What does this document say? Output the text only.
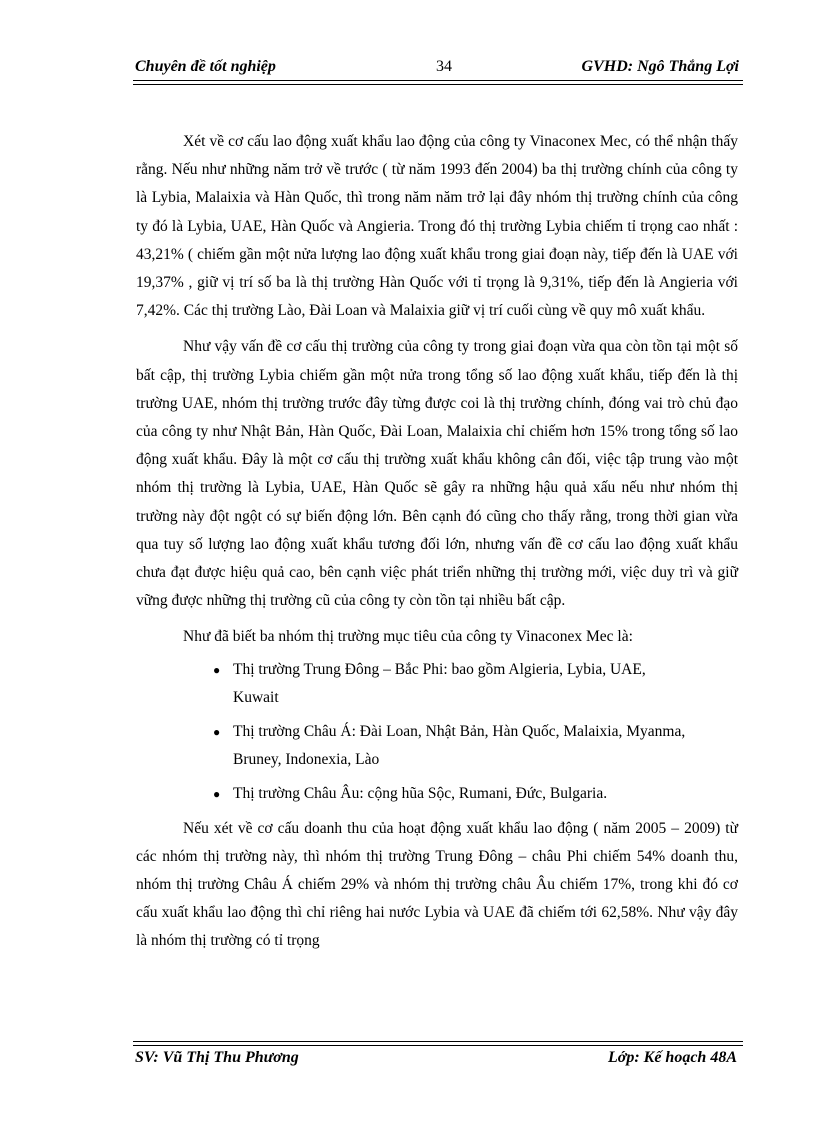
Chuyên đề tốt nghiệp	34	GVHD: Ngô Thắng Lợi

Xét về cơ cấu lao động xuất khẩu lao động của công ty Vinaconex Mec, có thể nhận thấy rằng. Nếu như những năm trở về trước ( từ năm 1993 đến 2004) ba thị trường chính của công ty là Lybia, Malaixia và Hàn Quốc, thì trong năm năm trở lại đây nhóm thị trường chính của công ty đó là Lybia, UAE, Hàn Quốc và Angieria. Trong đó thị trường Lybia chiếm tỉ trọng cao nhất : 43,21% ( chiếm gần một nửa lượng lao động xuất khẩu trong giai đoạn này, tiếp đến là UAE với 19,37% , giữ vị trí số ba là thị trường Hàn Quốc với tỉ trọng là 9,31%, tiếp đến là Angieria với 7,42%. Các thị trường Lào, Đài Loan và Malaixia giữ vị trí cuối cùng về quy mô xuất khẩu.

Như vậy vấn đề cơ cấu thị trường của công ty trong giai đoạn vừa qua còn tồn tại một số bất cập, thị trường Lybia chiếm gần một nửa trong tổng số lao động xuất khẩu, tiếp đến là thị trường UAE, nhóm thị trường trước đây từng được coi là thị trường chính, đóng vai trò chủ đạo của công ty như Nhật Bản, Hàn Quốc, Đài Loan, Malaixia chỉ chiếm hơn 15% trong tổng số lao động xuất khẩu. Đây là một cơ cấu thị trường xuất khẩu không cân đối, việc tập trung vào một nhóm thị trường là Lybia, UAE, Hàn Quốc sẽ gây ra những hậu quả xấu nếu như nhóm thị trường này đột ngột có sự biến động lớn. Bên cạnh đó cũng cho thấy rằng, trong thời gian vừa qua tuy số lượng lao động xuất khẩu tương đối lớn, nhưng vấn đề cơ cấu lao động xuất khẩu chưa đạt được hiệu quả cao, bên cạnh việc phát triển những thị trường mới, việc duy trì và giữ vững được những thị trường cũ của công ty còn tồn tại nhiều bất cập.

Như đã biết ba nhóm thị trường mục tiêu của công ty Vinaconex Mec là:

● Thị trường Trung Đông – Bắc Phi: bao gồm Algieria, Lybia, UAE, Kuwait
● Thị trường Châu Á: Đài Loan, Nhật Bản, Hàn Quốc, Malaixia, Myanma, Bruney, Indonexia, Lào
● Thị trường Châu Âu: cộng hũa Sộc, Rumani, Đức, Bulgaria.

Nếu xét về cơ cấu doanh thu của hoạt động xuất khẩu lao động ( năm 2005 – 2009) từ các nhóm thị trường này, thì nhóm thị trường Trung Đông – châu Phi chiếm 54% doanh thu, nhóm thị trường Châu Á chiếm 29% và nhóm thị trường châu Âu chiếm 17%, trong khi đó cơ cấu xuất khẩu lao động thì chỉ riêng hai nước Lybia và UAE đã chiếm tới 62,58%. Như vậy đây là nhóm thị trường có tỉ trọng

SV: Vũ Thị Thu Phương	Lớp: Kế hoạch 48A
